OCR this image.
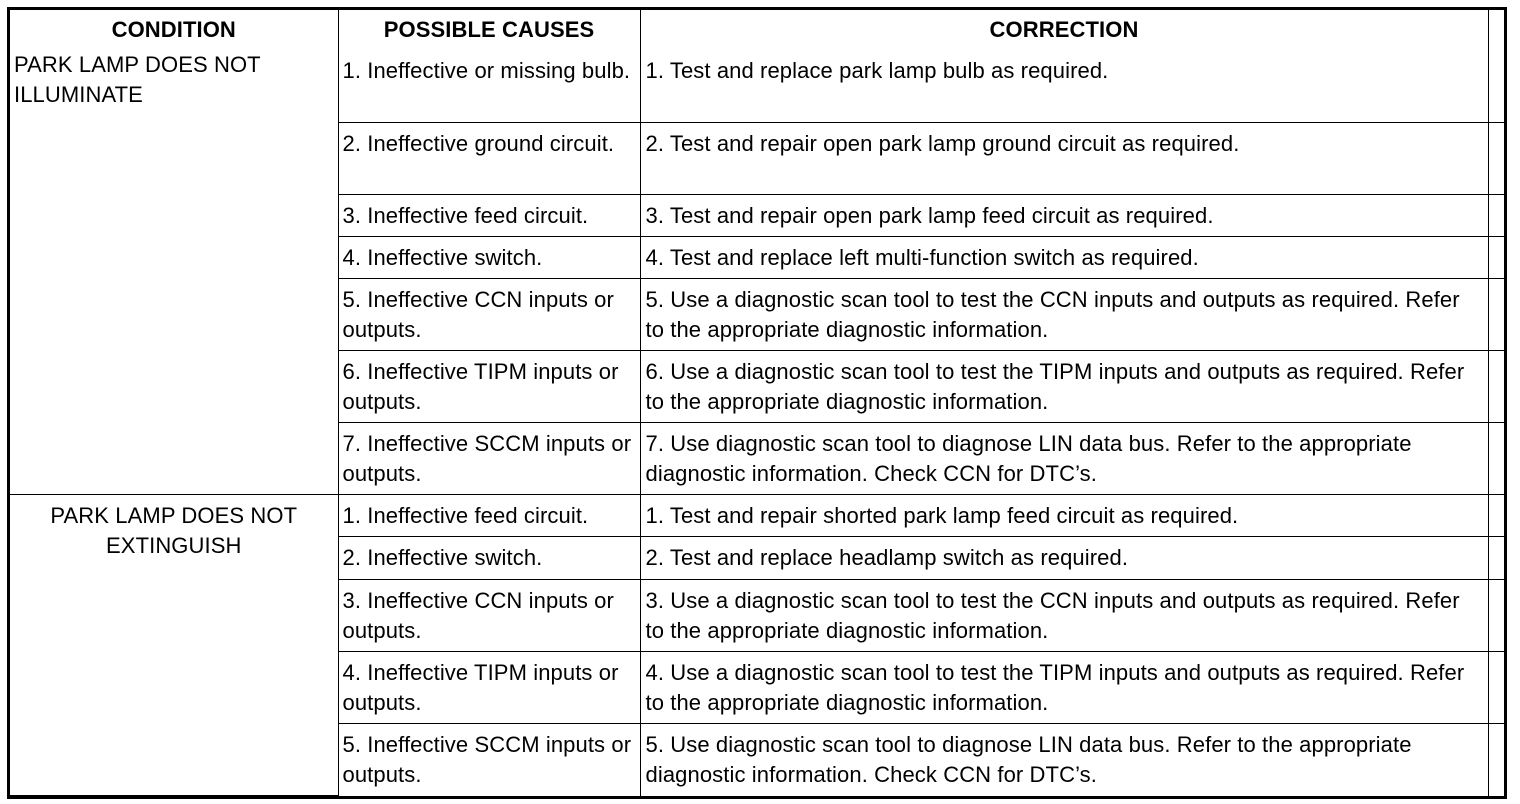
CONDITION	POSSIBLE CAUSES	CORRECTION	

PARK LAMP DOES NOT ILLUMINATE	1. Ineffective or missing bulb.	1. Test and replace park lamp bulb as required.	

	2. Ineffective ground circuit.	2. Test and repair open park lamp ground circuit as required.	

	3. Ineffective feed circuit.	3. Test and repair open park lamp feed circuit as required.	

	4. Ineffective switch.	4. Test and replace left multi-function switch as required.	

	5. Ineffective CCN inputs or outputs.	5. Use a diagnostic scan tool to test the CCN inputs and outputs as required. Refer to the appropriate diagnostic information.	

	6. Ineffective TIPM inputs or outputs.	6. Use a diagnostic scan tool to test the TIPM inputs and outputs as required. Refer to the appropriate diagnostic information.	

	7. Ineffective SCCM inputs or outputs.	7. Use diagnostic scan tool to diagnose LIN data bus. Refer to the appropriate diagnostic information. Check CCN for DTC’s.	

PARK LAMP DOES NOT EXTINGUISH	1. Ineffective feed circuit.	1. Test and repair shorted park lamp feed circuit as required.	

	2. Ineffective switch.	2. Test and replace headlamp switch as required.	

	3. Ineffective CCN inputs or outputs.	3. Use a diagnostic scan tool to test the CCN inputs and outputs as required. Refer to the appropriate diagnostic information.	

	4. Ineffective TIPM inputs or outputs.	4. Use a diagnostic scan tool to test the TIPM inputs and outputs as required. Refer to the appropriate diagnostic information.	

	5. Ineffective SCCM inputs or outputs.	5. Use diagnostic scan tool to diagnose LIN data bus. Refer to the appropriate diagnostic information. Check CCN for DTC’s.	
